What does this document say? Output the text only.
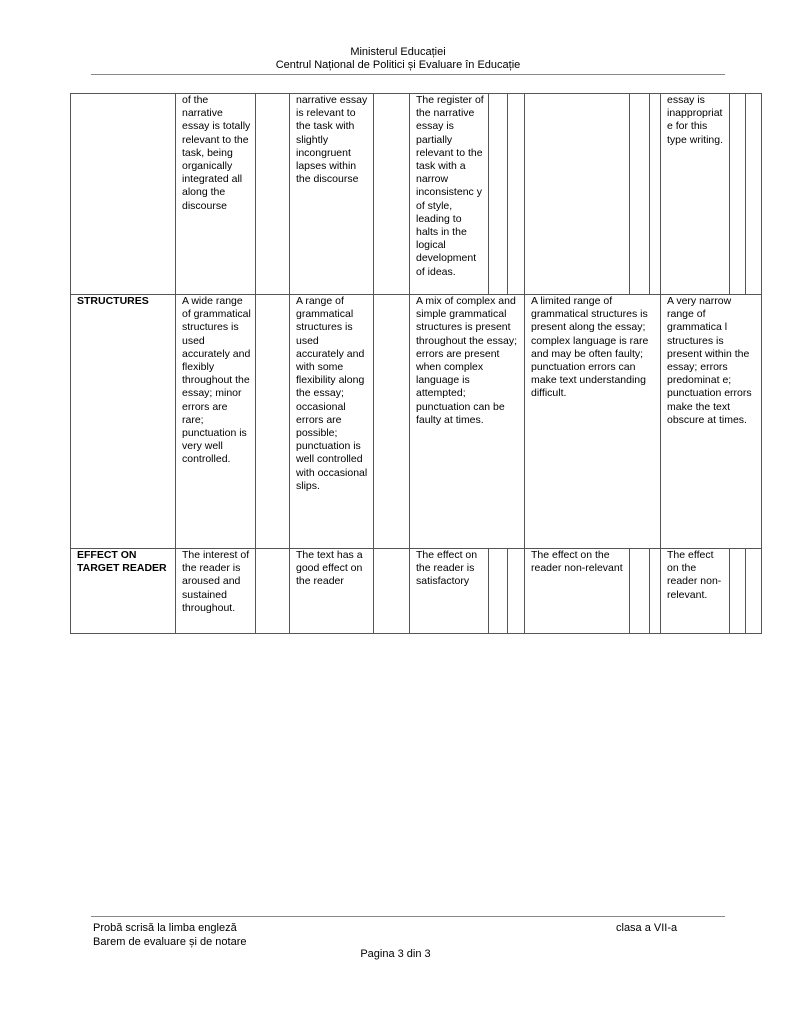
Ministerul Educației
Centrul Național de Politici și Evaluare în Educație
	of the narrative essay is totally relevant to the task, being organically integrated all along the discourse		narrative essay is relevant to the task with slightly incongruent lapses within the discourse		The register of the narrative essay is partially relevant to the task with a narrow inconsistenc y of style, leading to halts in the logical development of ideas.						essay is inappropriat e for this type writing.		
STRUCTURES	A wide range of grammatical structures is used accurately and flexibly throughout the essay; minor errors are rare; punctuation is very well controlled.		A range of grammatical structures is used accurately and with some flexibility along the essay; occasional errors are possible; punctuation is well controlled with occasional slips.		A mix of complex and simple grammatical structures is present throughout the essay; errors are present when complex language is attempted; punctuation can be faulty at times.			A limited range of grammatical structures is present along the essay; complex language is rare and may be often faulty; punctuation errors can make text understanding difficult.			A very narrow range of grammatica l structures is present within the essay; errors predominat e; punctuation errors make the text obscure at times.		
EFFECT ON TARGET READER	The interest of the reader is aroused and sustained throughout.		The text has a good effect on the reader		The effect on the reader is satisfactory			The effect on the reader non-relevant			The effect on the reader non-relevant.		
Probă scrisă la limba engleză
Barem de evaluare și de notare
clasa a VII-a
Pagina 3 din 3
